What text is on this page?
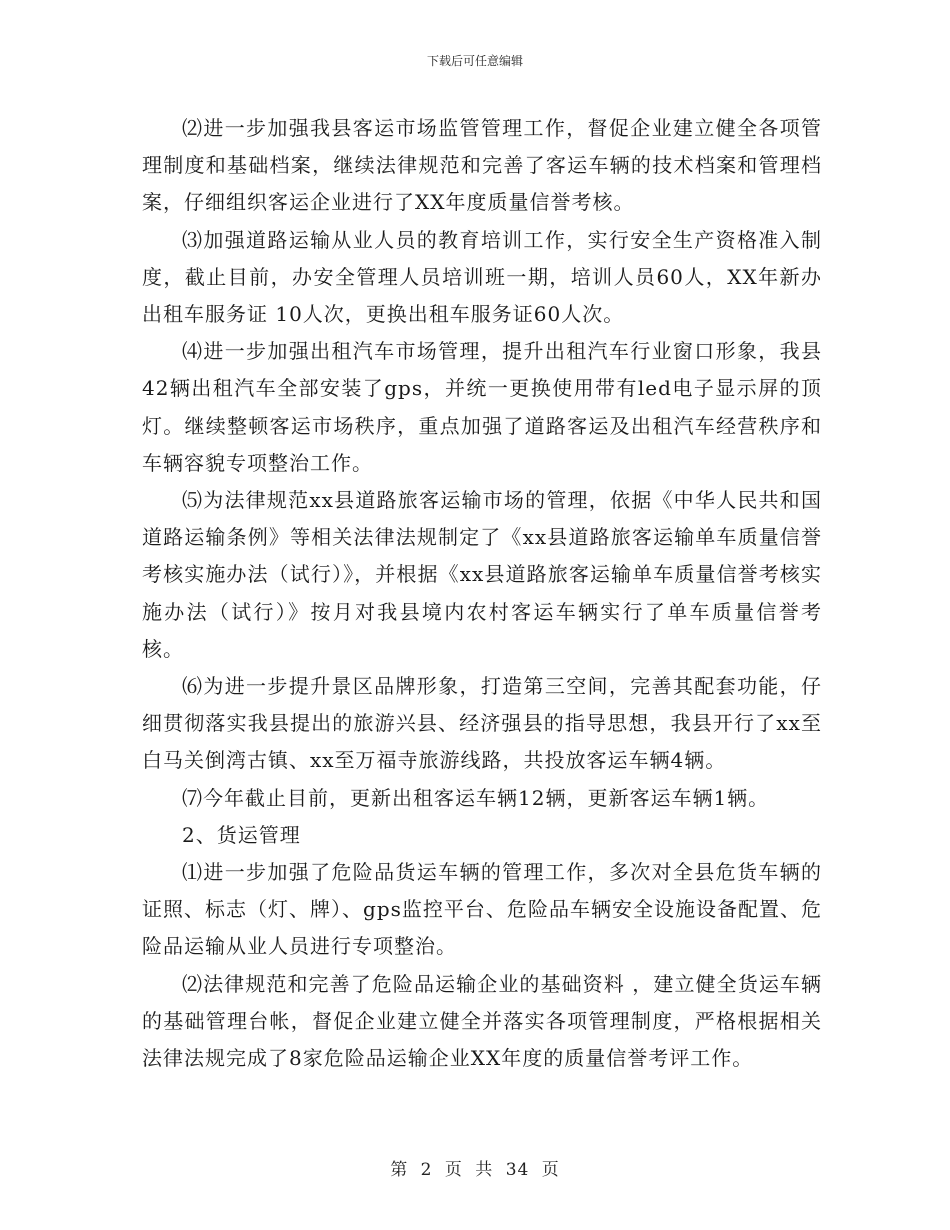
下载后可任意编辑

⑵进一步加强我县客运市场监管管理工作，督促企业建立健全各项管理制度和基础档案，继续法律规范和完善了客运车辆的技术档案和管理档案，仔细组织客运企业进行了XX年度质量信誉考核。

⑶加强道路运输从业人员的教育培训工作，实行安全生产资格准入制度，截止目前，办安全管理人员培训班一期，培训人员60人，XX年新办出租车服务证 10人次，更换出租车服务证60人次。

⑷进一步加强出租汽车市场管理，提升出租汽车行业窗口形象，我县42辆出租汽车全部安装了gps，并统一更换使用带有led电子显示屏的顶灯。继续整顿客运市场秩序，重点加强了道路客运及出租汽车经营秩序和车辆容貌专项整治工作。

⑸为法律规范xx县道路旅客运输市场的管理，依据《中华人民共和国道路运输条例》等相关法律法规制定了《xx县道路旅客运输单车质量信誉考核实施办法（试行）》，并根据《xx县道路旅客运输单车质量信誉考核实施办法（试行）》按月对我县境内农村客运车辆实行了单车质量信誉考核。

⑹为进一步提升景区品牌形象，打造第三空间，完善其配套功能，仔细贯彻落实我县提出的旅游兴县、经济强县的指导思想，我县开行了xx至白马关倒湾古镇、xx至万福寺旅游线路，共投放客运车辆4辆。

⑺今年截止目前，更新出租客运车辆12辆，更新客运车辆1辆。

2、货运管理

⑴进一步加强了危险品货运车辆的管理工作，多次对全县危货车辆的证照、标志（灯、牌）、gps监控平台、危险品车辆安全设施设备配置、危险品运输从业人员进行专项整治。

⑵法律规范和完善了危险品运输企业的基础资料 ，建立健全货运车辆的基础管理台帐，督促企业建立健全并落实各项管理制度，严格根据相关法律法规完成了8家危险品运输企业XX年度的质量信誉考评工作。

第 2 页 共 34 页
